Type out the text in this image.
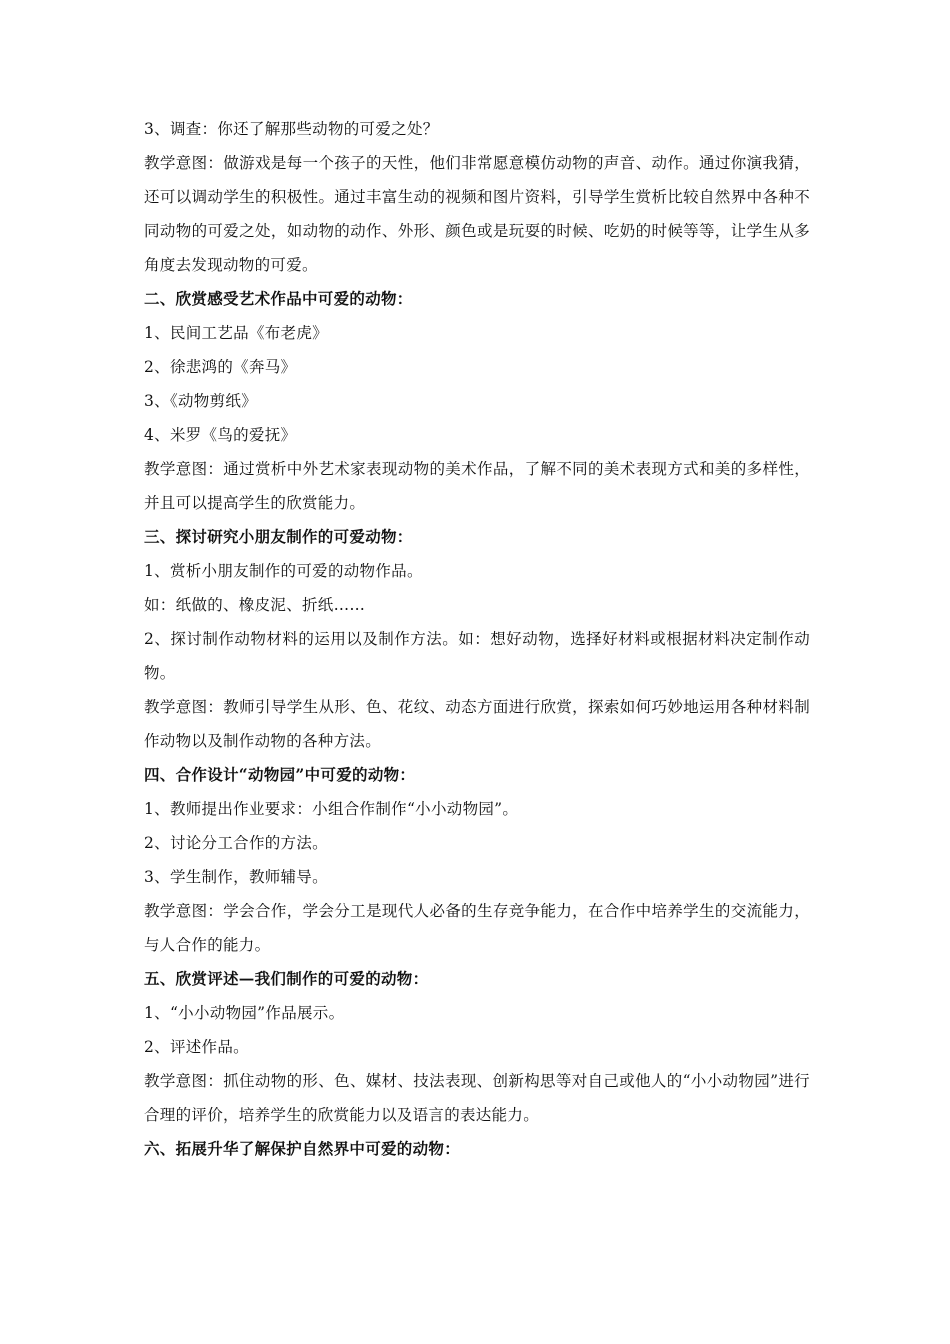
3、调查：你还了解那些动物的可爱之处？
教学意图：做游戏是每一个孩子的天性，他们非常愿意模仿动物的声音、动作。通过你演我猜，还可以调动学生的积极性。通过丰富生动的视频和图片资料，引导学生赏析比较自然界中各种不同动物的可爱之处，如动物的动作、外形、颜色或是玩耍的时候、吃奶的时候等等，让学生从多角度去发现动物的可爱。
二、欣赏感受艺术作品中可爱的动物：
1、民间工艺品《布老虎》
2、徐悲鸿的《奔马》
3、《动物剪纸》
4、米罗《鸟的爱抚》
教学意图：通过赏析中外艺术家表现动物的美术作品，了解不同的美术表现方式和美的多样性，并且可以提高学生的欣赏能力。
三、探讨研究小朋友制作的可爱动物：
1、赏析小朋友制作的可爱的动物作品。
如：纸做的、橡皮泥、折纸……
2、探讨制作动物材料的运用以及制作方法。如：想好动物，选择好材料或根据材料决定制作动物。
教学意图：教师引导学生从形、色、花纹、动态方面进行欣赏，探索如何巧妙地运用各种材料制作动物以及制作动物的各种方法。
四、合作设计“动物园”中可爱的动物：
1、教师提出作业要求：小组合作制作“小小动物园”。
2、讨论分工合作的方法。
3、学生制作，教师辅导。
教学意图：学会合作，学会分工是现代人必备的生存竞争能力，在合作中培养学生的交流能力，与人合作的能力。
五、欣赏评述—我们制作的可爱的动物：
1、“小小动物园”作品展示。
2、评述作品。
教学意图：抓住动物的形、色、媒材、技法表现、创新构思等对自己或他人的“小小动物园”进行合理的评价，培养学生的欣赏能力以及语言的表达能力。
六、拓展升华了解保护自然界中可爱的动物：
